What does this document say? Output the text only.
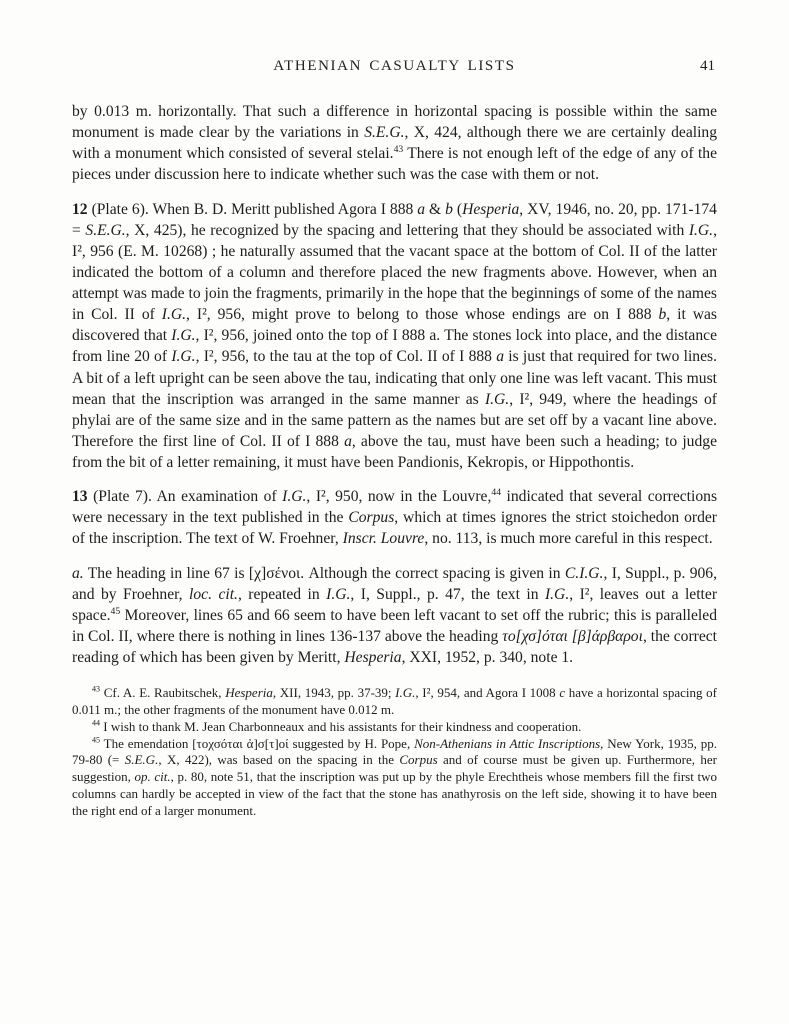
ATHENIAN CASUALTY LISTS	41

by 0.013 m. horizontally. That such a difference in horizontal spacing is possible within the same monument is made clear by the variations in S.E.G., X, 424, although there we are certainly dealing with a monument which consisted of several stelai.$^{43}$ There is not enough left of the edge of any of the pieces under discussion here to indicate whether such was the case with them or not.

12 (Plate 6). When B. D. Meritt published Agora I 888 a & b (Hesperia, XV, 1946, no. 20, pp. 171-174 = S.E.G., X, 425), he recognized by the spacing and lettering that they should be associated with I.G., I², 956 (E. M. 10268) ; he naturally assumed that the vacant space at the bottom of Col. II of the latter indicated the bottom of a column and therefore placed the new fragments above. However, when an attempt was made to join the fragments, primarily in the hope that the beginnings of some of the names in Col. II of I.G., I², 956, might prove to belong to those whose endings are on I 888 b, it was discovered that I.G., I², 956, joined onto the top of I 888 a. The stones lock into place, and the distance from line 20 of I.G., I², 956, to the tau at the top of Col. II of I 888 a is just that required for two lines. A bit of a left upright can be seen above the tau, indicating that only one line was left vacant. This must mean that the inscription was arranged in the same manner as I.G., I², 949, where the headings of phylai are of the same size and in the same pattern as the names but are set off by a vacant line above. Therefore the first line of Col. II of I 888 a, above the tau, must have been such a heading; to judge from the bit of a letter remaining, it must have been Pandionis, Kekropis, or Hippothontis.

13 (Plate 7). An examination of I.G., I², 950, now in the Louvre,$^{44}$ indicated that several corrections were necessary in the text published in the Corpus, which at times ignores the strict stoichedon order of the inscription. The text of W. Froehner, Inscr. Louvre, no. 113, is much more careful in this respect.

a. The heading in line 67 is [χ]σένοι. Although the correct spacing is given in C.I.G., I, Suppl., p. 906, and by Froehner, loc. cit., repeated in I.G., I, Suppl., p. 47, the text in I.G., I², leaves out a letter space.$^{45}$ Moreover, lines 65 and 66 seem to have been left vacant to set off the rubric; this is paralleled in Col. II, where there is nothing in lines 136-137 above the heading το[χσ]όται [β]άρβαροι, the correct reading of which has been given by Meritt, Hesperia, XXI, 1952, p. 340, note 1.

$^{43}$ Cf. A. E. Raubitschek, Hesperia, XII, 1943, pp. 37-39; I.G., I², 954, and Agora I 1008 c have a horizontal spacing of 0.011 m.; the other fragments of the monument have 0.012 m.

$^{44}$ I wish to thank M. Jean Charbonneaux and his assistants for their kindness and cooperation.

$^{45}$ The emendation [τοχσόται ἀ]σ[τ]οί suggested by H. Pope, Non-Athenians in Attic Inscriptions, New York, 1935, pp. 79-80 (= S.E.G., X, 422), was based on the spacing in the Corpus and of course must be given up. Furthermore, her suggestion, op. cit., p. 80, note 51, that the inscription was put up by the phyle Erechtheis whose members fill the first two columns can hardly be accepted in view of the fact that the stone has anathyrosis on the left side, showing it to have been the right end of a larger monument.
